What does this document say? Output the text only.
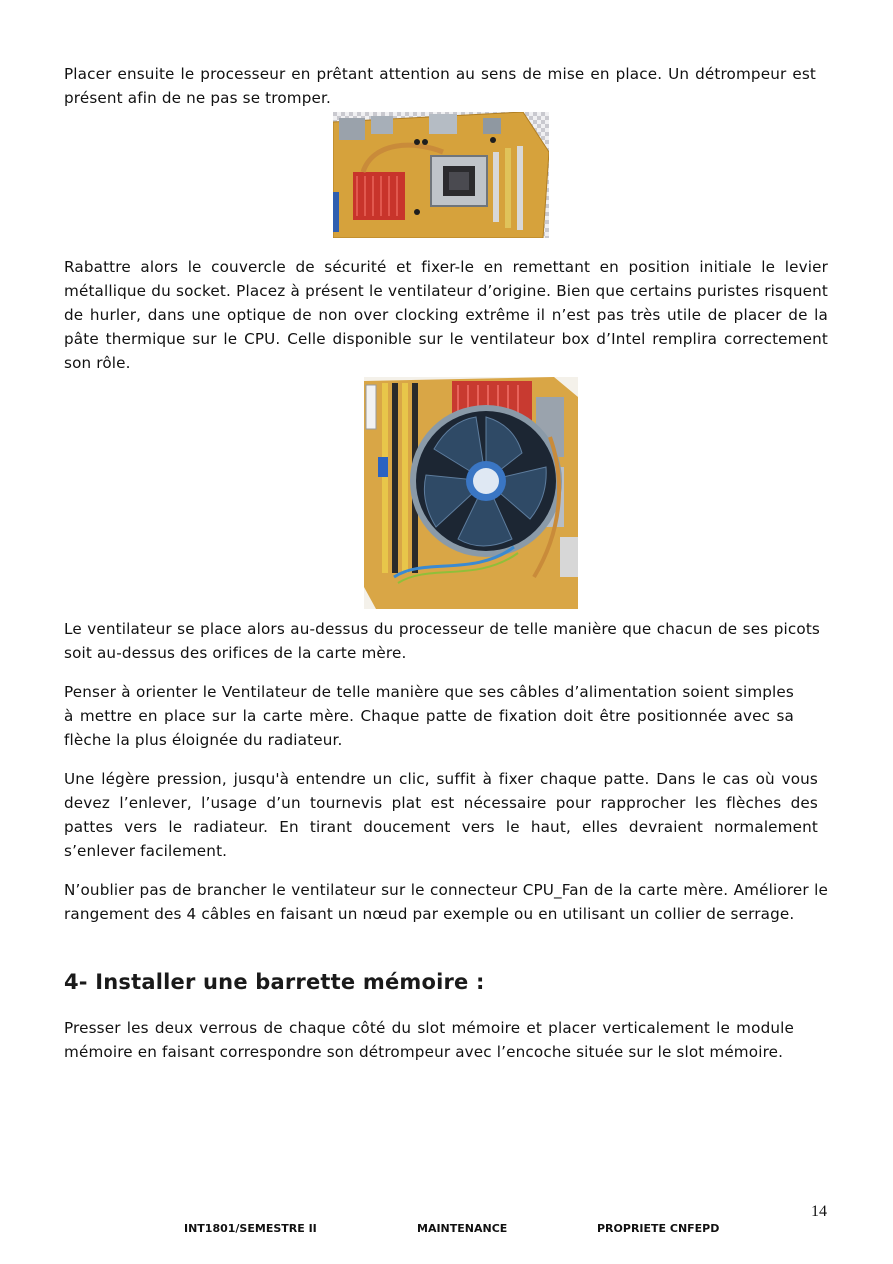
Placer ensuite le processeur en prêtant attention au sens de mise en place. Un détrompeur est présent afin de ne pas se tromper.

Rabattre alors le couvercle de sécurité et fixer-le en remettant en position initiale le levier métallique du socket. Placez à présent le ventilateur d’origine. Bien que certains puristes risquent de hurler, dans une optique de non over clocking extrême il n’est pas très utile de placer de la pâte thermique sur le CPU. Celle disponible sur le ventilateur box d’Intel remplira correctement son rôle.

Le ventilateur se place alors au-dessus du processeur de telle manière que chacun de ses picots soit au-dessus des orifices de la carte mère.

Penser à orienter le Ventilateur de telle manière que ses câbles d’alimentation soient simples à mettre en place sur la carte mère. Chaque patte de fixation doit être positionnée avec sa flèche la plus éloignée du radiateur.

Une légère pression, jusqu'à entendre un clic, suffit à fixer chaque patte. Dans le cas où vous devez l’enlever, l’usage d’un tournevis plat est nécessaire pour rapprocher les flèches des pattes vers le radiateur. En tirant doucement vers le haut, elles devraient normalement s’enlever facilement.

N’oublier pas de brancher le ventilateur sur le connecteur CPU_Fan de la carte mère. Améliorer le rangement des 4 câbles en faisant un nœud par exemple ou en utilisant un collier de serrage.

4- Installer une barrette mémoire :

Presser les deux verrous de chaque côté du slot mémoire et placer verticalement le module mémoire en faisant correspondre son détrompeur avec l’encoche située sur le slot mémoire.

14
INT1801/SEMESTRE II	MAINTENANCE	PROPRIETE CNFEPD
